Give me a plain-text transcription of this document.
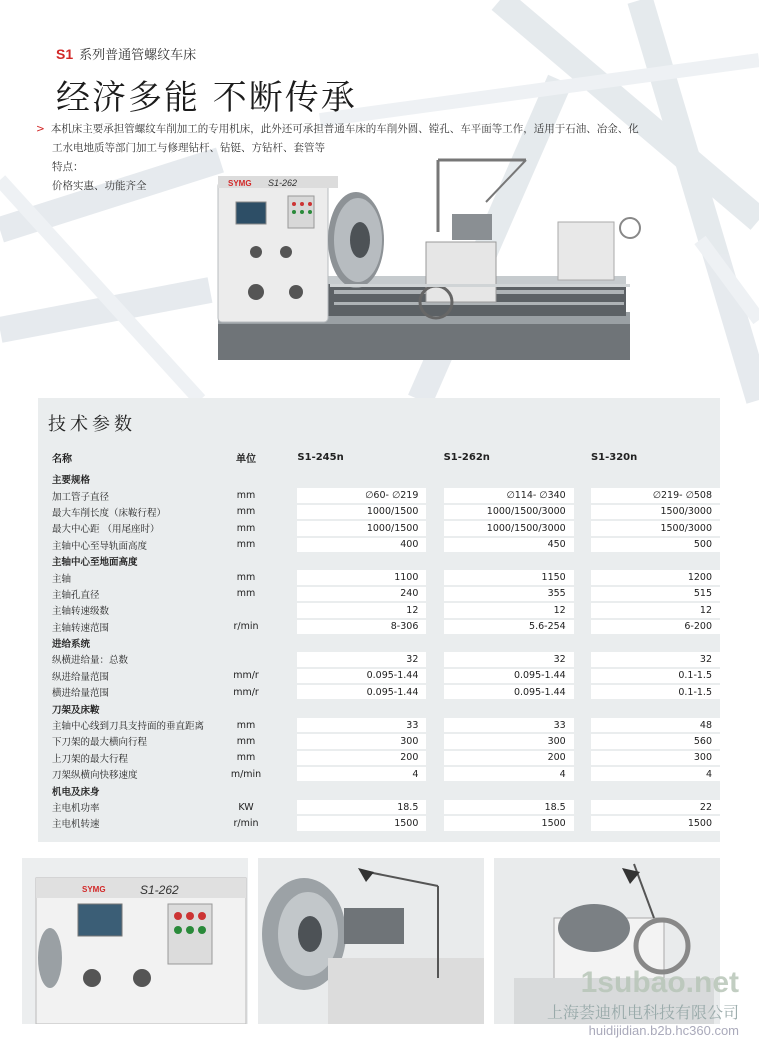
S1 系列普通管螺纹车床
经济多能 不断传承

> 本机床主要承担管螺纹车削加工的专用机床，此外还可承担普通车床的车削外圆、镗孔、车平面等工作，适用于石油、冶金、化

工水电地质等部门加工与修理钻杆、钻铤、方钻杆、套管等

特点：

价格实惠、功能齐全	SYMG S1-262
技术参数
名称	单位		S1-245n		S1-262n		S1-320n
主要规格							
加工管子直径	mm		∅60- ∅219		∅114- ∅340		∅219- ∅508
最大车削长度（床鞍行程）	mm		1000/1500		1000/1500/3000		1500/3000
最大中心距 （用尾座时）	mm		1000/1500		1000/1500/3000		1500/3000
主轴中心至导轨面高度	mm		400		450		500
主轴中心至地面高度							
主轴	mm		1100		1150		1200
主轴孔直径	mm		240		355		515
主轴转速级数			12		12		12
主轴转速范围	r/min		8-306		5.6-254		6-200
进给系统							
纵横进给量：总数			32		32		32
纵进给量范围	mm/r		0.095-1.44		0.095-1.44		0.1-1.5
横进给量范围	mm/r		0.095-1.44		0.095-1.44		0.1-1.5
刀架及床鞍							
主轴中心线到刀具支持面的垂直距离	mm		33		33		48
下刀架的最大横向行程	mm		300		300		560
上刀架的最大行程	mm		200		200		300
刀架纵横向快移速度	m/min		4		4		4
机电及床身							
主电机功率	KW		18.5		18.5		22
主电机转速	r/min		1500		1500		1500
SYMG	S1-262
1subao.net
上海荟迪机电科技有限公司
huidijidian.b2b.hc360.com
